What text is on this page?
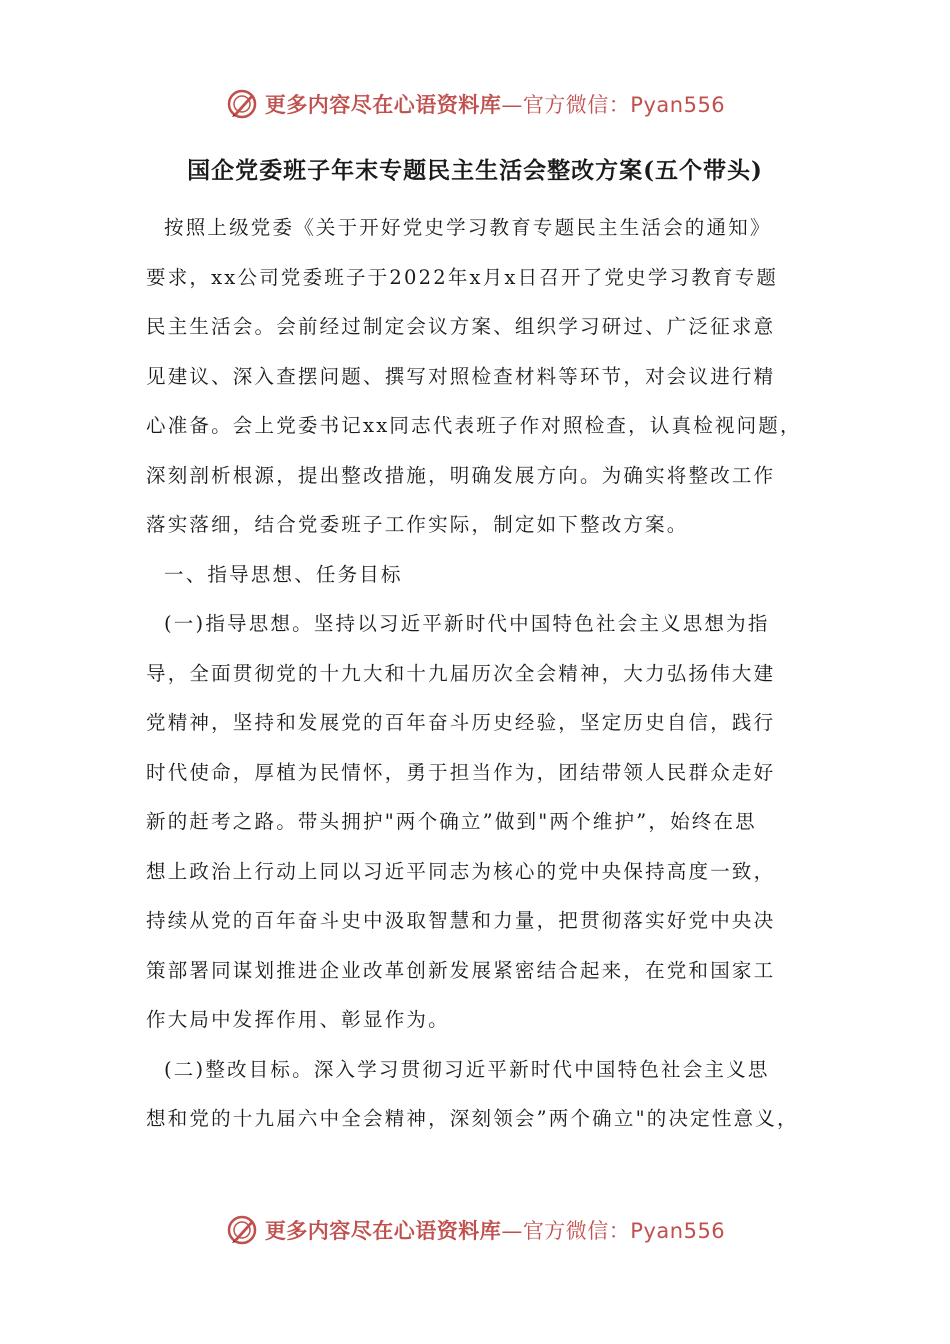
更多内容尽在心语资料库—官方微信：Pyan556
国企党委班子年末专题民主生活会整改方案(五个带头)
按照上级党委《关于开好党史学习教育专题民主生活会的通知》
要求，xx公司党委班子于2022年x月x日召开了党史学习教育专题
民主生活会。会前经过制定会议方案、组织学习研过、广泛征求意
见建议、深入查摆问题、撰写对照检查材料等环节，对会议进行精
心准备。会上党委书记xx同志代表班子作对照检查，认真检视问题，
深刻剖析根源，提出整改措施，明确发展方向。为确实将整改工作
落实落细，结合党委班子工作实际，制定如下整改方案。
一、指导思想、任务目标
(一)指导思想。坚持以习近平新时代中国特色社会主义思想为指
导，全面贯彻党的十九大和十九届历次全会精神，大力弘扬伟大建
党精神，坚持和发展党的百年奋斗历史经验，坚定历史自信，践行
时代使命，厚植为民情怀，勇于担当作为，团结带领人民群众走好
新的赶考之路。带头拥护"两个确立”做到"两个维护”，始终在思
想上政治上行动上同以习近平同志为核心的党中央保持高度一致，
持续从党的百年奋斗史中汲取智慧和力量，把贯彻落实好党中央决
策部署同谋划推进企业改革创新发展紧密结合起来，在党和国家工
作大局中发挥作用、彰显作为。
(二)整改目标。深入学习贯彻习近平新时代中国特色社会主义思
想和党的十九届六中全会精神，深刻领会”两个确立"的决定性意义，
更多内容尽在心语资料库—官方微信：Pyan556
